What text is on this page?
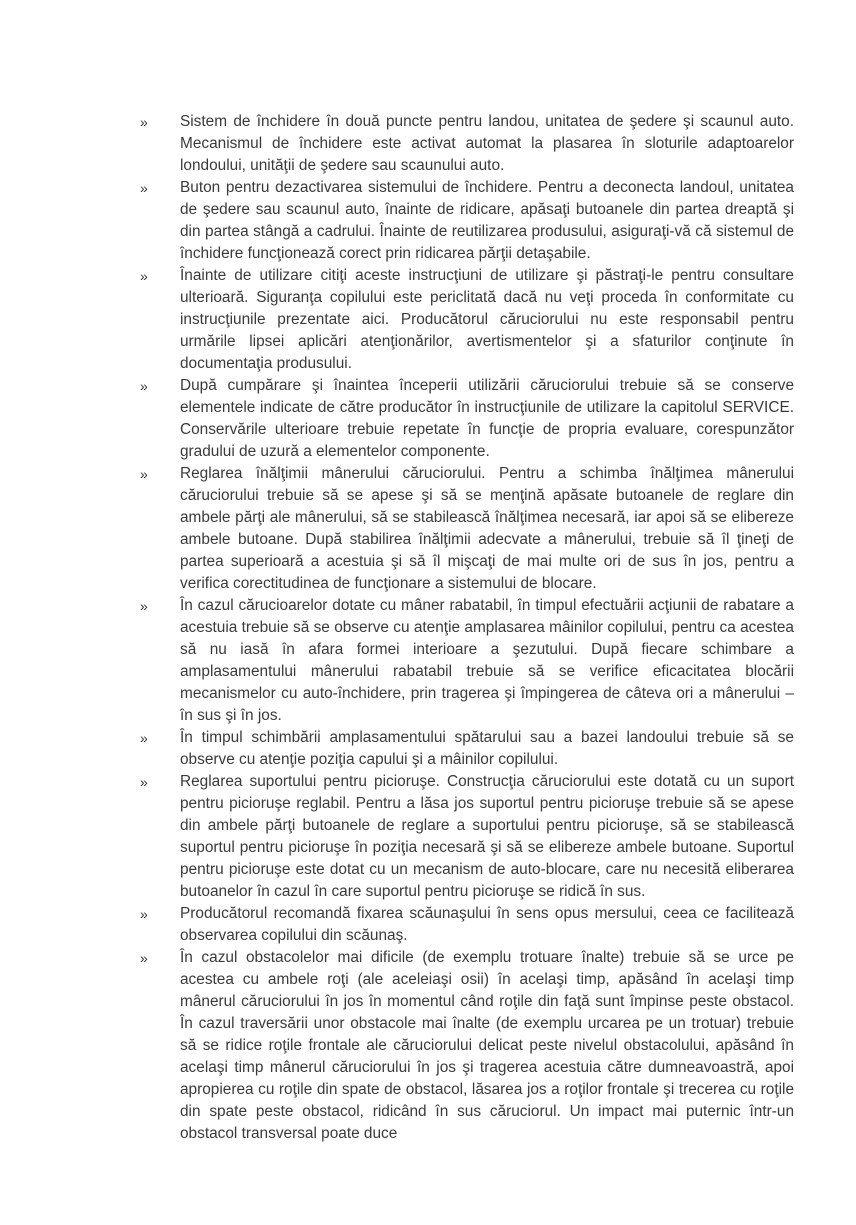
»	Sistem de închidere în două puncte pentru landou, unitatea de şedere şi scaunul auto. Mecanismul de închidere este activat automat la plasarea în sloturile adaptoarelor londoului, unităţii de şedere sau scaunului auto.
»	Buton pentru dezactivarea sistemului de închidere. Pentru a deconecta landoul, unitatea de şedere sau scaunul auto, înainte de ridicare, apăsaţi butoanele din partea dreaptă şi din partea stângă a cadrului. Înainte de reutilizarea produsului, asiguraţi-vă că sistemul de închidere funcţionează corect prin ridicarea părţii detaşabile.
»	Înainte de utilizare citiţi aceste instrucţiuni de utilizare şi păstraţi-le pentru consultare ulterioară. Siguranţa copilului este periclitată dacă nu veţi proceda în conformitate cu instrucţiunile prezentate aici. Producătorul căruciorului nu este responsabil pentru urmările lipsei aplicări atenţionărilor, avertismentelor şi a sfaturilor conţinute în documentaţia produsului.
»	După cumpărare şi înaintea începerii utilizării căruciorului trebuie să se conserve elementele indicate de către producător în instrucţiunile de utilizare la capitolul SERVICE. Conservările ulterioare trebuie repetate în funcţie de propria evaluare, corespunzător gradului de uzură a elementelor componente.
»	Reglarea înălţimii mânerului căruciorului. Pentru a schimba înălţimea mânerului căruciorului trebuie să se apese şi să se menţină apăsate butoanele de reglare din ambele părţi ale mânerului, să se stabilească înălţimea necesară, iar apoi să se elibereze ambele butoane. După stabilirea înălţimii adecvate a mânerului, trebuie să îl ţineţi de partea superioară a acestuia şi să îl mişcaţi de mai multe ori de sus în jos, pentru a verifica corectitudinea de funcţionare a sistemului de blocare.
»	În cazul cărucioarelor dotate cu mâner rabatabil, în timpul efectuării acţiunii de rabatare a acestuia trebuie să se observe cu atenţie amplasarea mâinilor copilului, pentru ca acestea să nu iasă în afara formei interioare a şezutului. După fiecare schimbare a amplasamentului mânerului rabatabil trebuie să se verifice eficacitatea blocării mecanismelor cu auto-închidere, prin tragerea şi împingerea de câteva ori a mânerului – în sus şi în jos.
»	În timpul schimbării amplasamentului spătarului sau a bazei landoului trebuie să se observe cu atenţie poziţia capului şi a mâinilor copilului.
»	Reglarea suportului pentru picioruşe. Construcţia căruciorului este dotată cu un suport pentru picioruşe reglabil. Pentru a lăsa jos suportul pentru picioruşe trebuie să se apese din ambele părţi butoanele de reglare a suportului pentru picioruşe, să se stabilească suportul pentru picioruşe în poziţia necesară şi să se elibereze ambele butoane. Suportul pentru picioruşe este dotat cu un mecanism de auto-blocare, care nu necesită eliberarea butoanelor în cazul în care suportul pentru picioruşe se ridică în sus.
»	Producătorul recomandă fixarea scăunaşului în sens opus mersului, ceea ce facilitează observarea copilului din scăunaş.
»	În cazul obstacolelor mai dificile (de exemplu trotuare înalte) trebuie să se urce pe acestea cu ambele roţi (ale aceleiaşi osii) în acelaşi timp, apăsând în acelaşi timp mânerul căruciorului în jos în momentul când roţile din faţă sunt împinse peste obstacol. În cazul traversării unor obstacole mai înalte (de exemplu urcarea pe un trotuar) trebuie să se ridice roţile frontale ale căruciorului delicat peste nivelul obstacolului, apăsând în acelaşi timp mânerul căruciorului în jos şi tragerea acestuia către dumneavoastră, apoi apropierea cu roţile din spate de obstacol, lăsarea jos a roţilor frontale şi trecerea cu roţile din spate peste obstacol, ridicând în sus căruciorul. Un impact mai puternic într-un obstacol transversal poate duce
